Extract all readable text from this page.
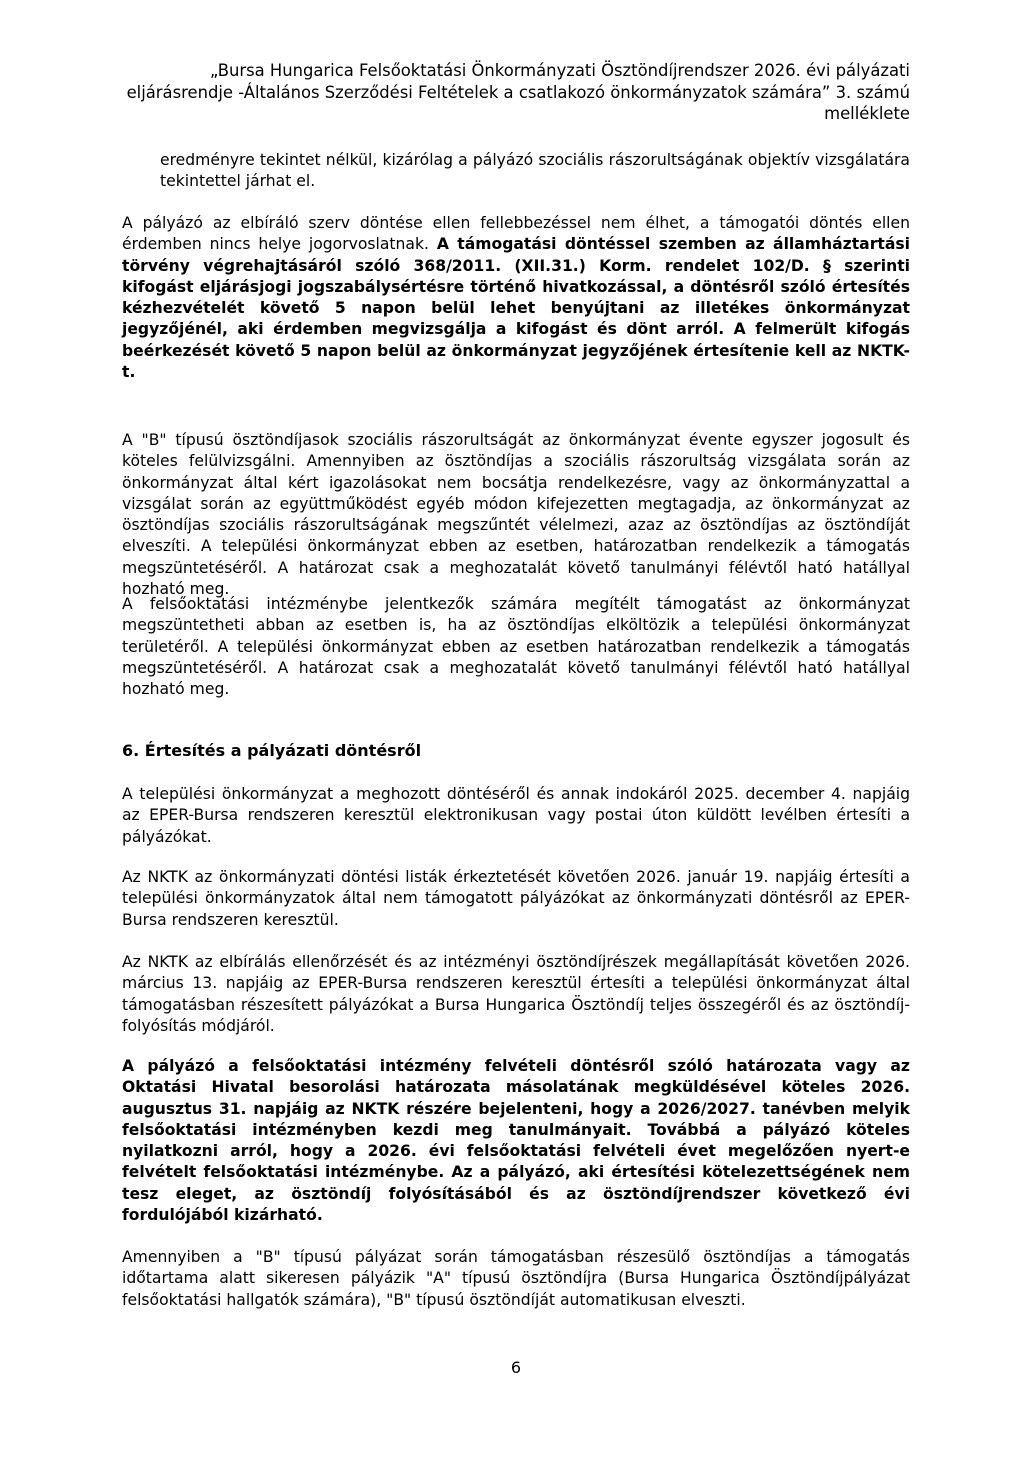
„Bursa Hungarica Felsőoktatási Önkormányzati Ösztöndíjrendszer 2026. évi pályázati eljárásrendje -Általános Szerződési Feltételek a csatlakozó önkormányzatok számára” 3. számú melléklete

eredményre tekintet nélkül, kizárólag a pályázó szociális rászorultságának objektív vizsgálatára tekintettel járhat el.

A pályázó az elbíráló szerv döntése ellen fellebbezéssel nem élhet, a támogatói döntés ellen érdemben nincs helye jogorvoslatnak. A támogatási döntéssel szemben az államháztartási törvény végrehajtásáról szóló 368/2011. (XII.31.) Korm. rendelet 102/D. § szerinti kifogást eljárásjogi jogszabálysértésre történő hivatkozással, a döntésről szóló értesítés kézhezvételét követő 5 napon belül lehet benyújtani az illetékes önkormányzat jegyzőjénél, aki érdemben megvizsgálja a kifogást és dönt arról. A felmerült kifogás beérkezését követő 5 napon belül az önkormányzat jegyzőjének értesítenie kell az NKTK-t.

A "B" típusú ösztöndíjasok szociális rászorultságát az önkormányzat évente egyszer jogosult és köteles felülvizsgálni. Amennyiben az ösztöndíjas a szociális rászorultság vizsgálata során az önkormányzat által kért igazolásokat nem bocsátja rendelkezésre, vagy az önkormányzattal a vizsgálat során az együttműködést egyéb módon kifejezetten megtagadja, az önkormányzat az ösztöndíjas szociális rászorultságának megszűntét vélelmezi, azaz az ösztöndíjas az ösztöndíját elveszíti. A települési önkormányzat ebben az esetben, határozatban rendelkezik a támogatás megszüntetéséről. A határozat csak a meghozatalát követő tanulmányi félévtől ható hatállyal hozható meg.

A felsőoktatási intézménybe jelentkezők számára megítélt támogatást az önkormányzat megszüntetheti abban az esetben is, ha az ösztöndíjas elköltözik a települési önkormányzat területéről. A települési önkormányzat ebben az esetben határozatban rendelkezik a támogatás megszüntetéséről. A határozat csak a meghozatalát követő tanulmányi félévtől ható hatállyal hozható meg.

6. Értesítés a pályázati döntésről

A települési önkormányzat a meghozott döntéséről és annak indokáról 2025. december 4. napjáig az EPER-Bursa rendszeren keresztül elektronikusan vagy postai úton küldött levélben értesíti a pályázókat.

Az NKTK az önkormányzati döntési listák érkeztetését követően 2026. január 19. napjáig értesíti a települési önkormányzatok által nem támogatott pályázókat az önkormányzati döntésről az EPER-Bursa rendszeren keresztül.

Az NKTK az elbírálás ellenőrzését és az intézményi ösztöndíjrészek megállapítását követően 2026. március 13. napjáig az EPER-Bursa rendszeren keresztül értesíti a települési önkormányzat által támogatásban részesített pályázókat a Bursa Hungarica Ösztöndíj teljes összegéről és az ösztöndíj-folyósítás módjáról.

A pályázó a felsőoktatási intézmény felvételi döntésről szóló határozata vagy az Oktatási Hivatal besorolási határozata másolatának megküldésével köteles 2026. augusztus 31. napjáig az NKTK részére bejelenteni, hogy a 2026/2027. tanévben melyik felsőoktatási intézményben kezdi meg tanulmányait. Továbbá a pályázó köteles nyilatkozni arról, hogy a 2026. évi felsőoktatási felvételi évet megelőzően nyert-e felvételt felsőoktatási intézménybe. Az a pályázó, aki értesítési kötelezettségének nem tesz eleget, az ösztöndíj folyósításából és az ösztöndíjrendszer következő évi fordulójából kizárható.

Amennyiben a "B" típusú pályázat során támogatásban részesülő ösztöndíjas a támogatás időtartama alatt sikeresen pályázik "A" típusú ösztöndíjra (Bursa Hungarica Ösztöndíjpályázat felsőoktatási hallgatók számára), "B" típusú ösztöndíját automatikusan elveszti.

6
